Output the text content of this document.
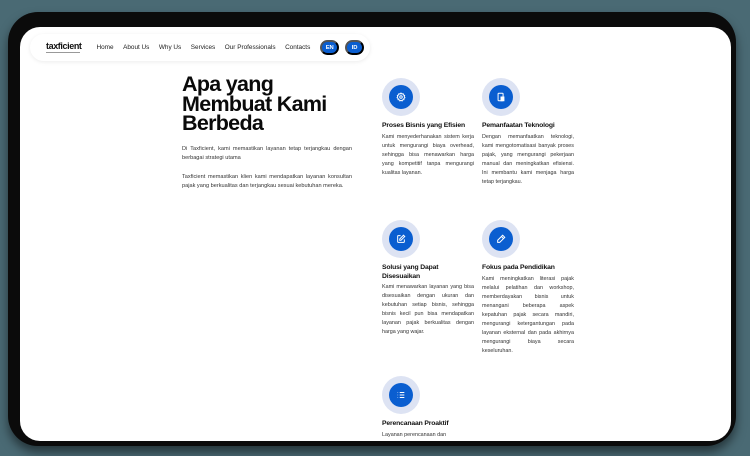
taxficient Home About Us Why Us Services Our Professionals Contacts	EN	ID
Apa yang
Membuat Kami
Berbeda

Di Taxficient, kami memastikan layanan tetap terjangkau dengan berbagai strategi utama

Taxficient memastikan klien kami mendapatkan layanan konsultan pajak yang berkualitas dan terjangkau sesuai kebutuhan mereka.

Proses Bisnis yang Efisien

Kami menyederhanakan sistem kerja untuk mengurangi biaya overhead, sehingga bisa menawarkan harga yang kompetitif tanpa mengurangi kualitas layanan.

Pemanfaatan Teknologi

Dengan memanfaatkan teknologi, kami mengotomatisasi banyak proses pajak, yang mengurangi pekerjaan manual dan meningkatkan efisiensi. Ini membantu kami menjaga harga tetap terjangkau.

Solusi yang Dapat Disesuaikan

Kami menawarkan layanan yang bisa disesuaikan dengan ukuran dan kebutuhan setiap bisnis, sehingga bisnis kecil pun bisa mendapatkan layanan pajak berkualitas dengan harga yang wajar.

Fokus pada Pendidikan

Kami meningkatkan literasi pajak melalui pelatihan dan workshop, memberdayakan bisnis untuk menangani beberapa aspek kepatuhan pajak secara mandiri, mengurangi ketergantungan pada layanan eksternal dan pada akhirnya mengurangi biaya secara keseluruhan.

Perencanaan Proaktif

Layanan perencanaan dan
